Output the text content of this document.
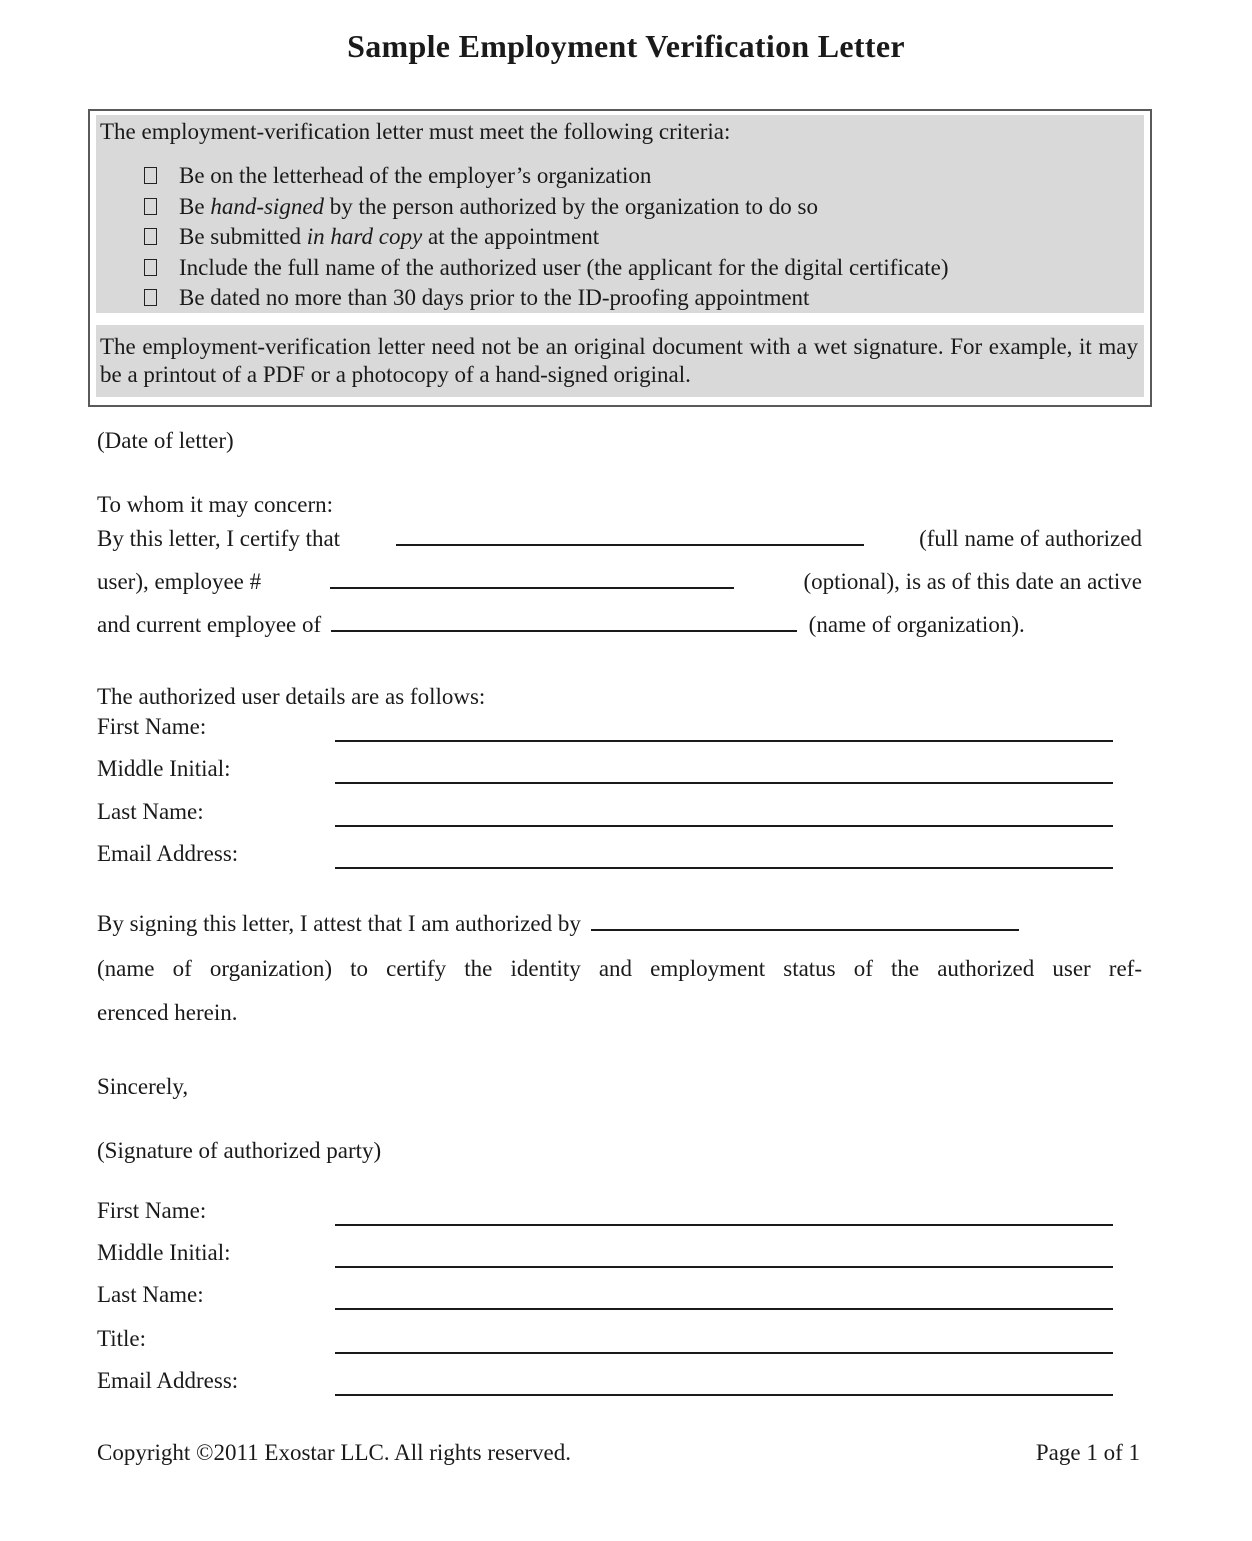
Sample Employment Verification Letter
The employment-verification letter must meet the following criteria:
Be on the letterhead of the employer’s organization
Be hand-signed by the person authorized by the organization to do so
Be submitted in hard copy at the appointment
Include the full name of the authorized user (the applicant for the digital certificate)
Be dated no more than 30 days prior to the ID-proofing appointment

The employment-verification letter need not be an original document with a wet signature. For example, it may be a printout of a PDF or a photocopy of a hand-signed original.

(Date of letter)
To whom it may concern:
By this letter, I certify that	(full name of authorized
user), employee #	(optional), is as of this date an active
and current employee of	(name of organization).
The authorized user details are as follows:
First Name:
Middle Initial:
Last Name:
Email Address:
By signing this letter, I attest that I am authorized by
(name of organization) to certify the identity and employment status of the authorized user ref-
erenced herein.
Sincerely,
(Signature of authorized party)
First Name:
Middle Initial:
Last Name:
Title:
Email Address:
Copyright ©2011 Exostar LLC. All rights reserved.	Page 1 of 1
